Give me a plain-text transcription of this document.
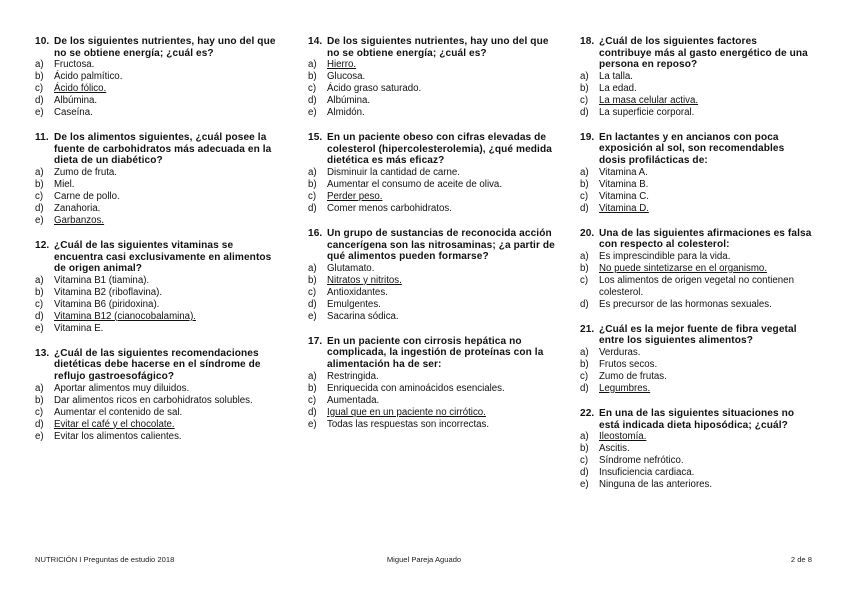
10. De los siguientes nutrientes, hay uno del que no se obtiene energía; ¿cuál es?
a)	Fructosa.
b)	Ácido palmítico.
c)	Ácido fólico.
d)	Albúmina.
e)	Caseína.
11. De los alimentos siguientes, ¿cuál posee la fuente de carbohidratos más adecuada en la dieta de un diabético?
a)	Zumo de fruta.
b)	Miel.
c)	Carne de pollo.
d)	Zanahoria.
e)	Garbanzos.
12. ¿Cuál de las siguientes vitaminas se encuentra casi exclusivamente en alimentos de origen animal?
a)	Vitamina B1 (tiamina).
b)	Vitamina B2 (riboflavina).
c)	Vitamina B6 (piridoxina).
d)	Vitamina B12 (cianocobalamina).
e)	Vitamina E.
13. ¿Cuál de las siguientes recomendaciones dietéticas debe hacerse en el síndrome de reflujo gastroesofágico?
a)	Aportar alimentos muy diluidos.
b)	Dar alimentos ricos en carbohidratos solubles.
c)	Aumentar el contenido de sal.
d)	Evitar el café y el chocolate.
e)	Evitar los alimentos calientes.
14. De los siguientes nutrientes, hay uno del que no se obtiene energía; ¿cuál es?
a)	Hierro.
b)	Glucosa.
c)	Ácido graso saturado.
d)	Albúmina.
e)	Almidón.
15. En un paciente obeso con cifras elevadas de colesterol (hipercolesterolemia), ¿qué medida dietética es más eficaz?
a)	Disminuir la cantidad de carne.
b)	Aumentar el consumo de aceite de oliva.
c)	Perder peso.
d)	Comer menos carbohidratos.
16. Un grupo de sustancias de reconocida acción cancerígena son las nitrosaminas; ¿a partir de qué alimentos pueden formarse?
a)	Glutamato.
b)	Nitratos y nitritos.
c)	Antioxidantes.
d)	Emulgentes.
e)	Sacarina sódica.
17. En un paciente con cirrosis hepática no complicada, la ingestión de proteínas con la alimentación ha de ser:
a)	Restringida.
b)	Enriquecida con aminoácidos esenciales.
c)	Aumentada.
d)	Igual que en un paciente no cirrótico.
e)	Todas las respuestas son incorrectas.
18. ¿Cuál de los siguientes factores contribuye más al gasto energético de una persona en reposo?
a)	La talla.
b)	La edad.
c)	La masa celular activa.
d)	La superficie corporal.
19. En lactantes y en ancianos con poca exposición al sol, son recomendables dosis profilácticas de:
a)	Vitamina A.
b)	Vitamina B.
c)	Vitamina C.
d)	Vitamina D.
20. Una de las siguientes afirmaciones es falsa con respecto al colesterol:
a)	Es imprescindible para la vida.
b)	No puede sintetizarse en el organismo.
c)	Los alimentos de origen vegetal no contienen colesterol.
d)	Es precursor de las hormonas sexuales.
21. ¿Cuál es la mejor fuente de fibra vegetal entre los siguientes alimentos?
a)	Verduras.
b)	Frutos secos.
c)	Zumo de frutas.
d)	Legumbres.
22. En una de las siguientes situaciones no está indicada dieta hiposódica; ¿cuál?
a)	Ileostomía.
b)	Ascitis.
c)	Síndrome nefrótico.
d)	Insuficiencia cardiaca.
e)	Ninguna de las anteriores.
NUTRICIÓN I Preguntas de estudio 2018	Miguel Pareja Aguado	2 de 8
